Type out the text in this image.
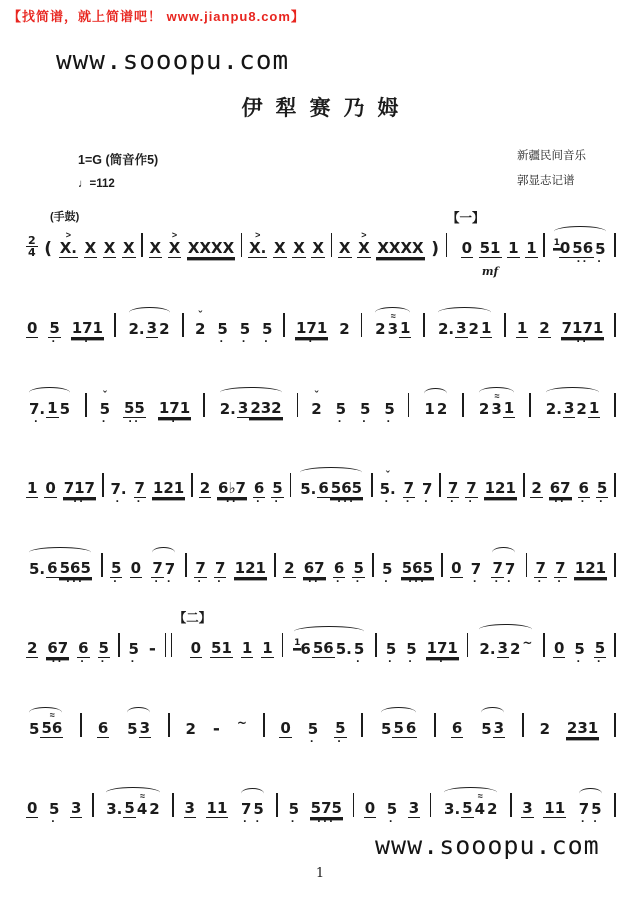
【找简谱，就上简谱吧！ www.jianpu8.com】
www.sooopu.com
伊犁赛乃姆
1=G (筒音作5)
♩=112
新疆民间音乐
郭显志记谱
(手鼓)
2
4 (
>
X. X X X X
>
X XXXX
>
X. X X X X
>
X XXXX )
【一】
0 51
mf
1 1 1 0 56
··
5
·
0 5
·
171
·
2. 3 2
ˇ
2 5
·
5
·
5
·
171
·
2 2
≈
3 1 2. 3 2 1 1 2 7171
··
7.
·
1 5
ˇ
5
·
55
··
171
·
2. 3 232
ˇ
2 5
·
5
·
5
·
1 2 2
≈
3 1 2. 3 2 1
1 0 717
··
7.
·
7
·
121 2 6♭7
··
6
·
5
·
5. 6 565
···
ˇ
5.
·
7
·
7
·
7
·
7
·
121 2 67
··
6
·
5
·
5. 6 565
···
5
·
0 7
·
7
·
7
·
7
·
121 2 67
··
6
·
5
·
5
·
565
···
0 7
·
7
·
7
·
7
·
7
·
121
2 67
··
6
·
5
·
5
·
-
【二】
0 51 1 1 1 6 56 5. 5
·
5
·
5
·
171
·
2. 3 2 ~ 0 5
·
5
·
5
≈
56 6 5 3 2 - ~ 0 5
·
5
·
5 5 6 6 5 3 2 231
0 5
·
3 3. 5
≈
4 2 3 11 7
·
5
·
5
·
575
···
0 5
·
3 3. 5
≈
4 2 3 11 7
·
5
·
www.sooopu.com
1
